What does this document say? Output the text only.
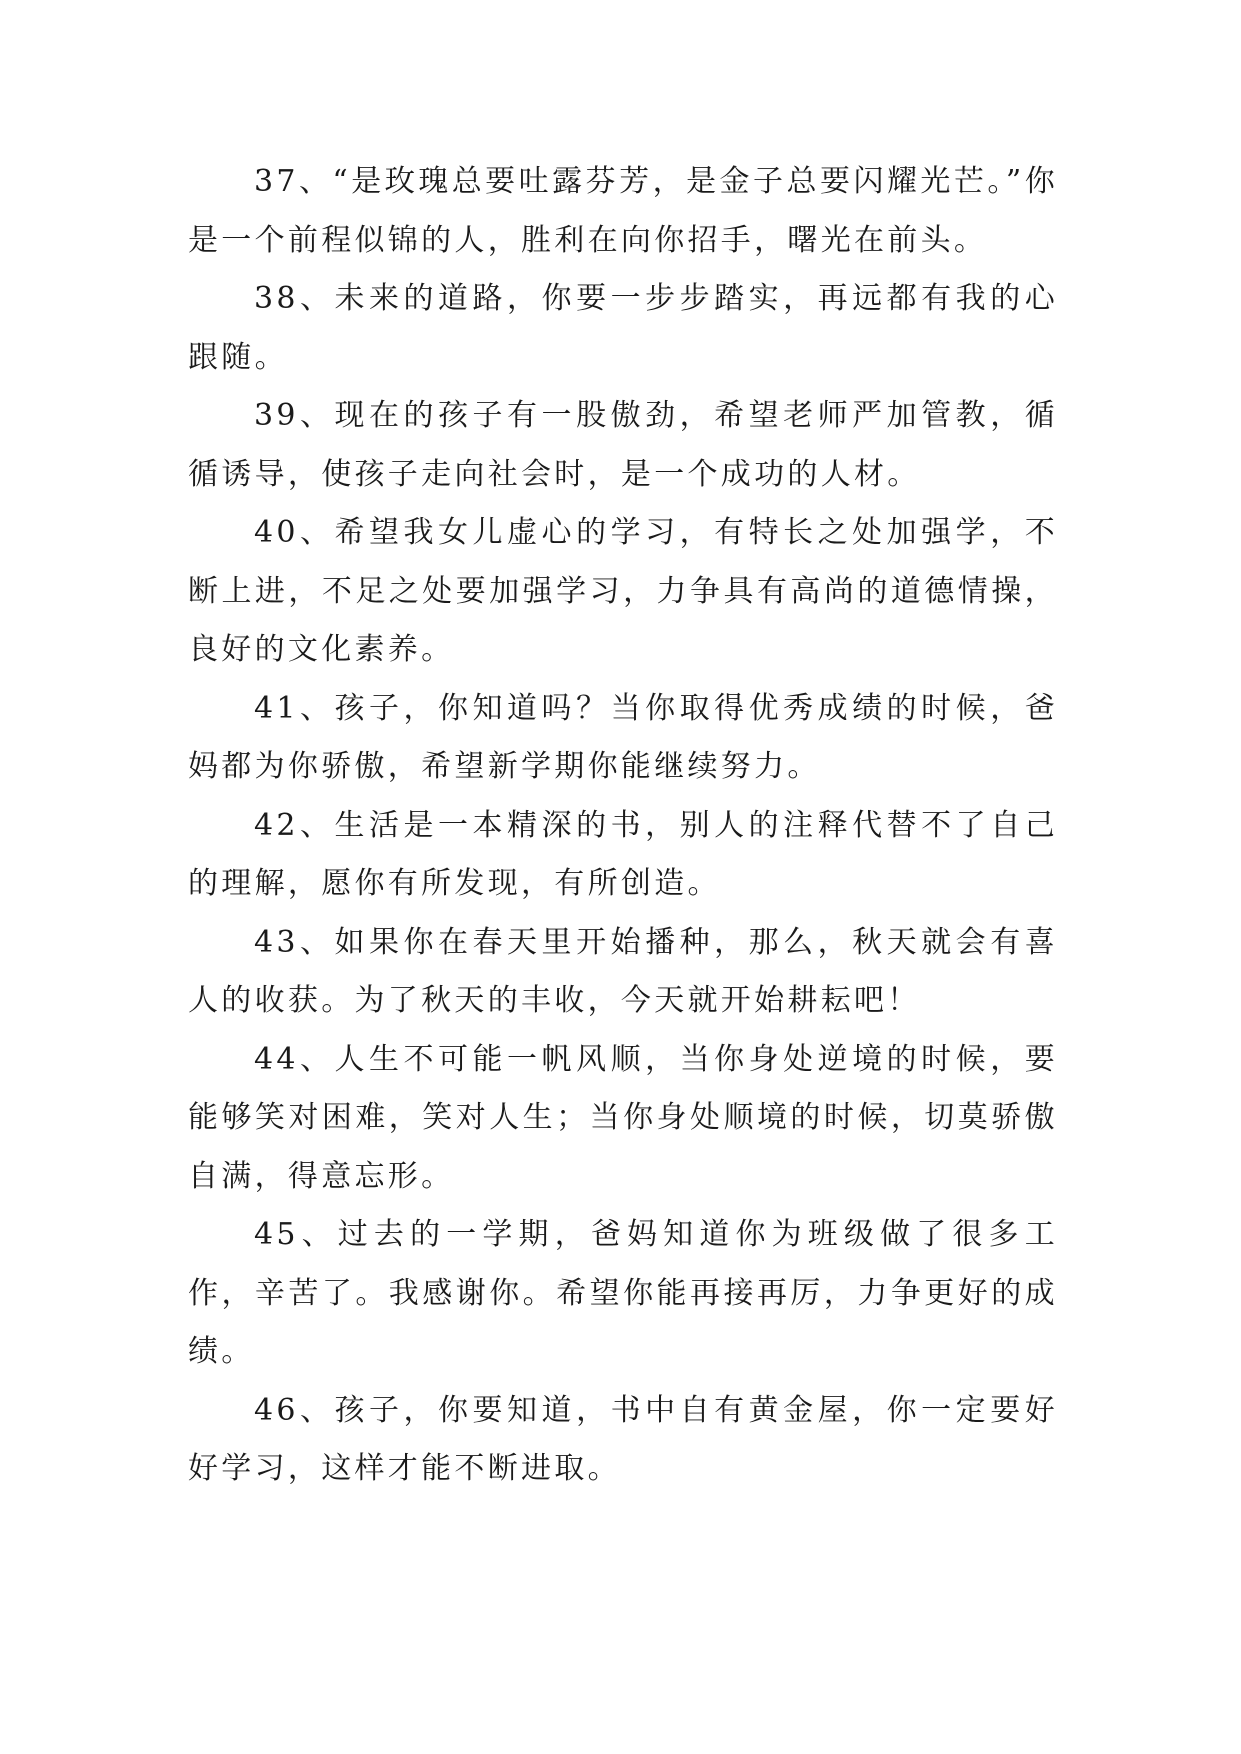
37、“是玫瑰总要吐露芬芳，是金子总要闪耀光芒。”你是一个前程似锦的人，胜利在向你招手，曙光在前头。

38、未来的道路，你要一步步踏实，再远都有我的心跟随。

39、现在的孩子有一股傲劲，希望老师严加管教，循循诱导，使孩子走向社会时，是一个成功的人材。

40、希望我女儿虚心的学习，有特长之处加强学，不断上进，不足之处要加强学习，力争具有高尚的道德情操，良好的文化素养。

41、孩子，你知道吗？当你取得优秀成绩的时候，爸妈都为你骄傲，希望新学期你能继续努力。

42、生活是一本精深的书，别人的注释代替不了自己的理解，愿你有所发现，有所创造。

43、如果你在春天里开始播种，那么，秋天就会有喜人的收获。为了秋天的丰收，今天就开始耕耘吧！

44、人生不可能一帆风顺，当你身处逆境的时候，要能够笑对困难，笑对人生；当你身处顺境的时候，切莫骄傲自满，得意忘形。

45、过去的一学期，爸妈知道你为班级做了很多工作，辛苦了。我感谢你。希望你能再接再厉，力争更好的成绩。

46、孩子，你要知道，书中自有黄金屋，你一定要好好学习，这样才能不断进取。
